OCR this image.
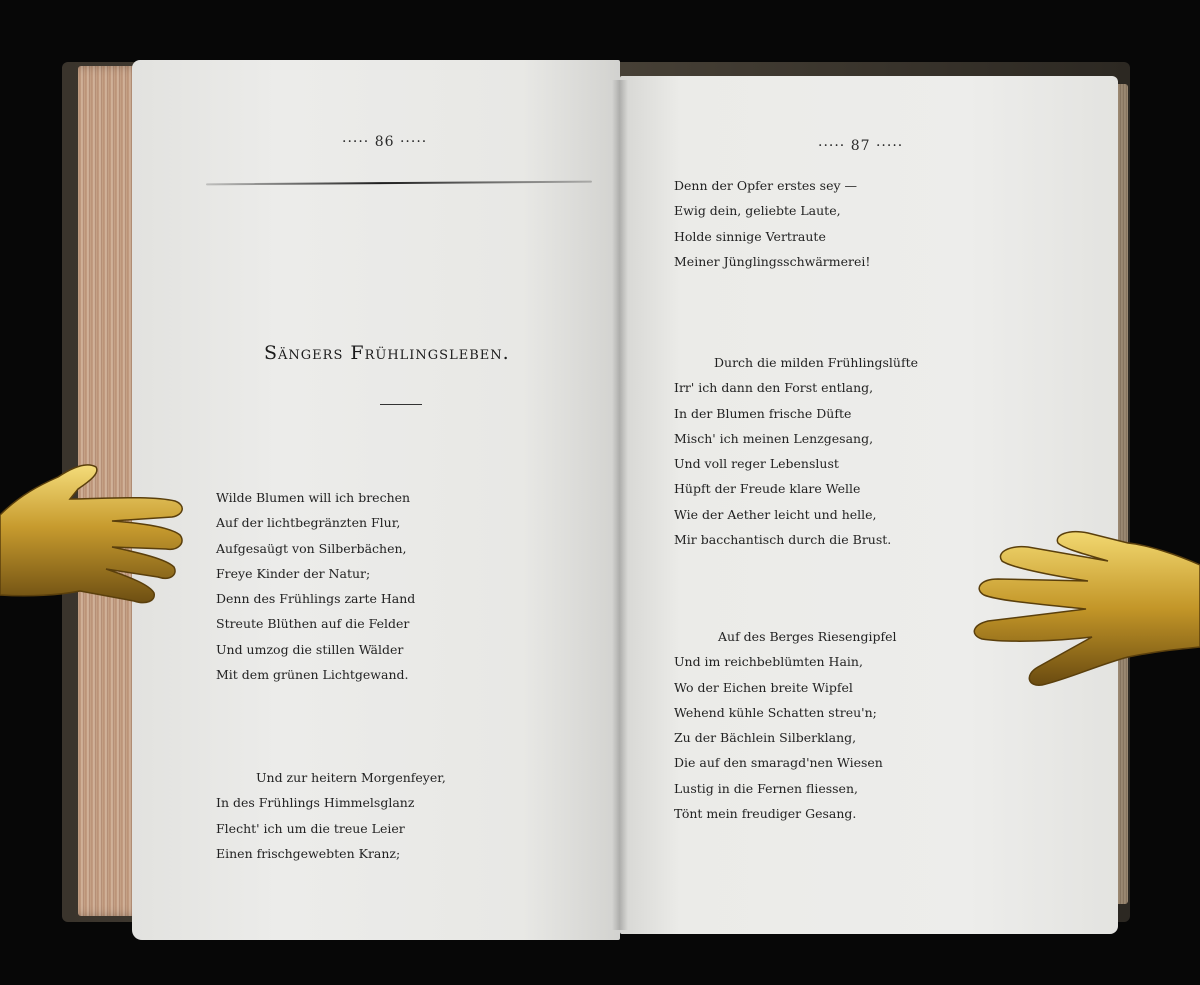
····· 86 ·····
Sängers Frühlingsleben.
Wilde Blumen will ich brechen
Auf der lichtbegränzten Flur,
Aufgesaügt von Silberbächen,
Freye Kinder der Natur;
Denn des Frühlings zarte Hand
Streute Blüthen auf die Felder
Und umzog die stillen Wälder
Mit dem grünen Lichtgewand.
Und zur heitern Morgenfeyer,
In des Frühlings Himmelsglanz
Flecht' ich um die treue Leier
Einen frischgewebten Kranz;
····· 87 ·····
Denn der Opfer erstes sey —
Ewig dein, geliebte Laute,
Holde sinnige Vertraute
Meiner Jünglingsschwärmerei!
Durch die milden Frühlingslüfte
Irr' ich dann den Forst entlang,
In der Blumen frische Düfte
Misch' ich meinen Lenzgesang,
Und voll reger Lebenslust
Hüpft der Freude klare Welle
Wie der Aether leicht und helle,
Mir bacchantisch durch die Brust.
Auf des Berges Riesengipfel
Und im reichbeblümten Hain,
Wo der Eichen breite Wipfel
Wehend kühle Schatten streu'n;
Zu der Bächlein Silberklang,
Die auf den smaragd'nen Wiesen
Lustig in die Fernen fliessen,
Tönt mein freudiger Gesang.
